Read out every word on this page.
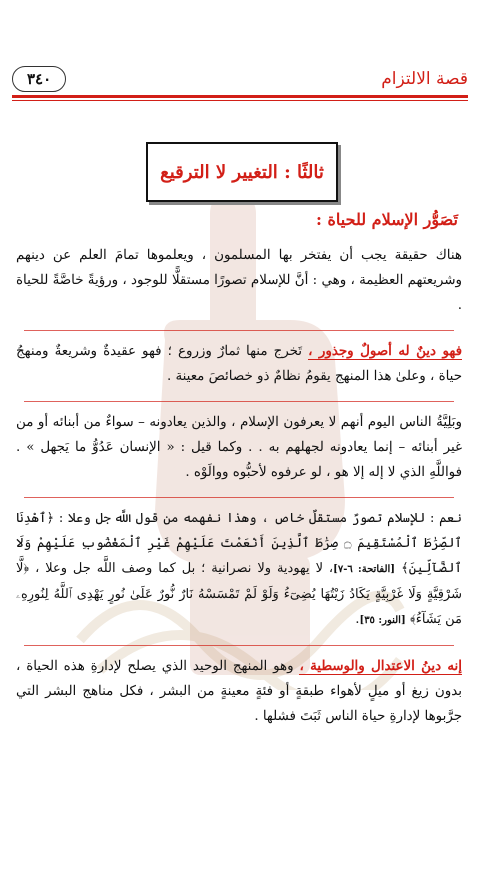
قصة الالتزام
٣٤٠
ثالثًا : التغيير لا الترقيع
تَصَوُّر الإسلام للحياة :

هناك حقيقة يجب أن يفتخر بها المسلمون ، ويعلموها تمامَ العلم عن دينهم وشريعتهم العظيمة ، وهي : أنَّ للإسلام تصورًا مستقلًّا للوجود ، ورؤيةً خاصَّةً للحياة .

فهو دينٌ له أصولٌ وجذور ، تَخرج منها ثمارٌ وزروع ؛ فهو عقيدةٌ وشريعةٌ ومنهجُ حياة ، وعلىٰ هذا المنهج يقومُ نظامٌ ذو خصائصَ معينة .

وبَلِيَّةُ الناس اليوم أنهم لا يعرفون الإسلام ، والذين يعادونه – سواءٌ من أبنائه أو من غير أبنائه – إنما يعادونه لجهلهم به . . وكما قيل : « الإنسان عَدُوُّ ما يَجهل » . فواللَّهِ الذي لا إله إلا هو ، لو عرفوه لأحبُّوه ووالَوْه .

نعم : للإسلام تصورٌ مستقلٌ خاص ، وهذا نفهمه من قول اللَّه جل وعلا : ﴿ٱهْدِنَا ٱلصِّرَٰطَ ٱلْمُسْتَقِيمَ ۝ صِرَٰطَ ٱلَّذِينَ أَنْعَمْتَ عَلَيْهِمْ غَيْرِ ٱلْمَغْضُوبِ عَلَيْهِمْ وَلَا ٱلضَّآلِّينَ﴾ [الفاتحة: ٦-٧]، لا يهودية ولا نصرانية ؛ بل كما وصف اللَّه جل وعلا ، ﴿لَّا شَرْقِيَّةٍ وَلَا غَرْبِيَّةٍ يَكَادُ زَيْتُهَا يُضِىٓءُ وَلَوْ لَمْ تَمْسَسْهُ نَارٌ نُّورٌ عَلَىٰ نُورٍ يَهْدِى ٱللَّهُ لِنُورِهِۦ مَن يَشَآءُ﴾ [النور: ٣٥].

إنه دينُ الاعتدال والوسطية ، وهو المنهج الوحيد الذي يصلح لإدارةِ هذه الحياة ، بدون زيغ أو ميلٍ لأهواء طبقةٍ أو فئةٍ معينةٍ من البشر ، فكل مناهج البشر التي جرَّبوها لإدارةِ حياة الناس ثَبَتَ فشلها .
